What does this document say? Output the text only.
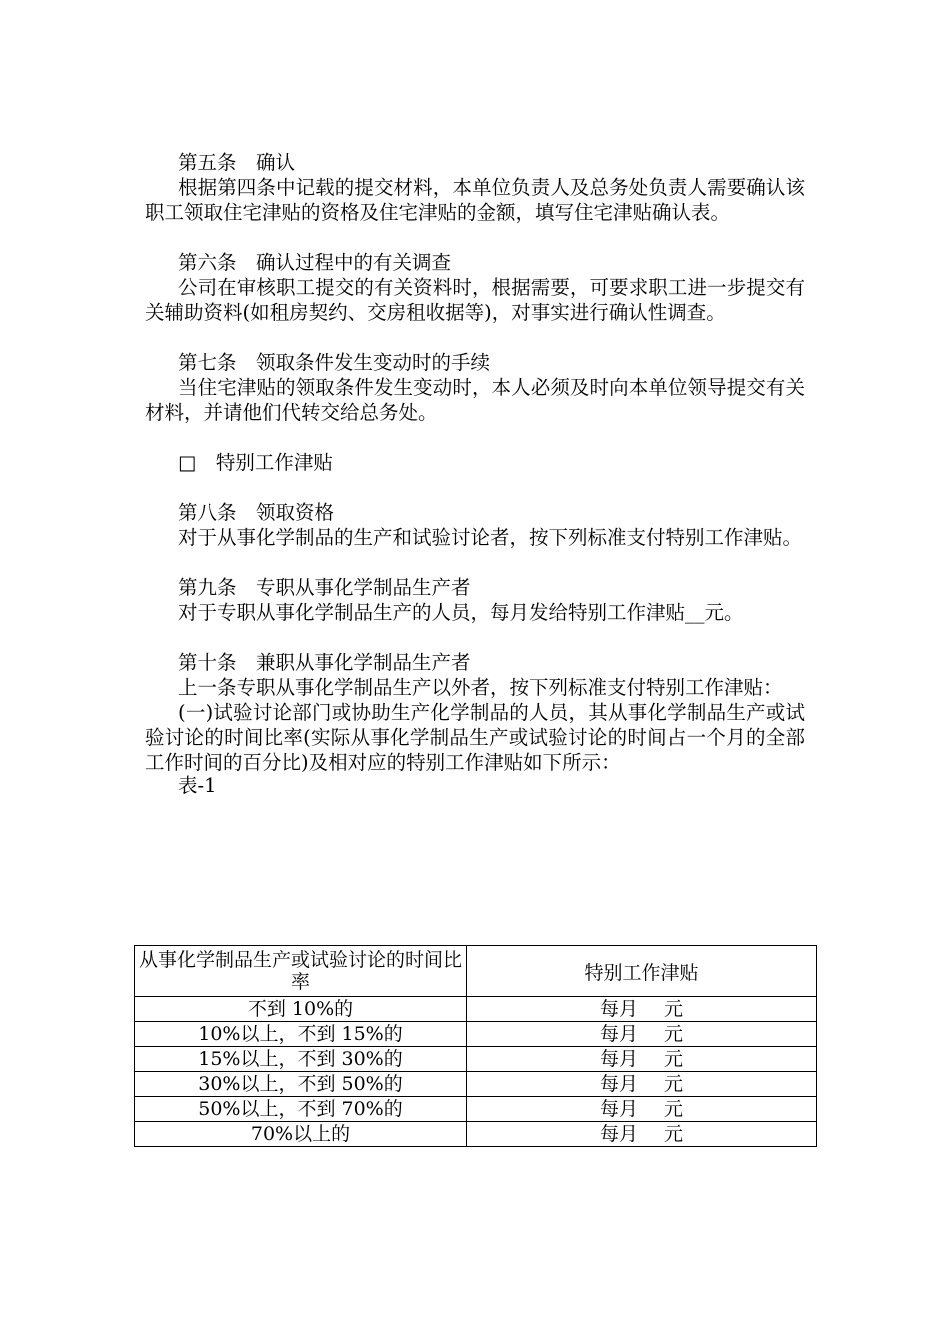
第五条　确认

根据第四条中记载的提交材料，本单位负责人及总务处负责人需要确认该职工领取住宅津贴的资格及住宅津贴的金额，填写住宅津贴确认表。

第六条　确认过程中的有关调查

公司在审核职工提交的有关资料时，根据需要，可要求职工进一步提交有关辅助资料(如租房契约、交房租收据等)，对事实进行确认性调查。

第七条　领取条件发生变动时的手续

当住宅津贴的领取条件发生变动时，本人必须及时向本单位领导提交有关材料，并请他们代转交给总务处。

□　特别工作津贴

第八条　领取资格

对于从事化学制品的生产和试验讨论者，按下列标准支付特别工作津贴。

第九条　专职从事化学制品生产者

对于专职从事化学制品生产的人员，每月发给特别工作津贴__元。

第十条　兼职从事化学制品生产者

上一条专职从事化学制品生产以外者，按下列标准支付特别工作津贴：

(一)试验讨论部门或协助生产化学制品的人员，其从事化学制品生产或试验讨论的时间比率(实际从事化学制品生产或试验讨论的时间占一个月的全部工作时间的百分比)及相对应的特别工作津贴如下所示：

表-1

从事化学制品生产或试验讨论的时间比率	特别工作津贴
不到 10%的	每月 元
10%以上，不到 15%的	每月 元
15%以上，不到 30%的	每月 元
30%以上，不到 50%的	每月 元
50%以上，不到 70%的	每月 元
70%以上的	每月 元
